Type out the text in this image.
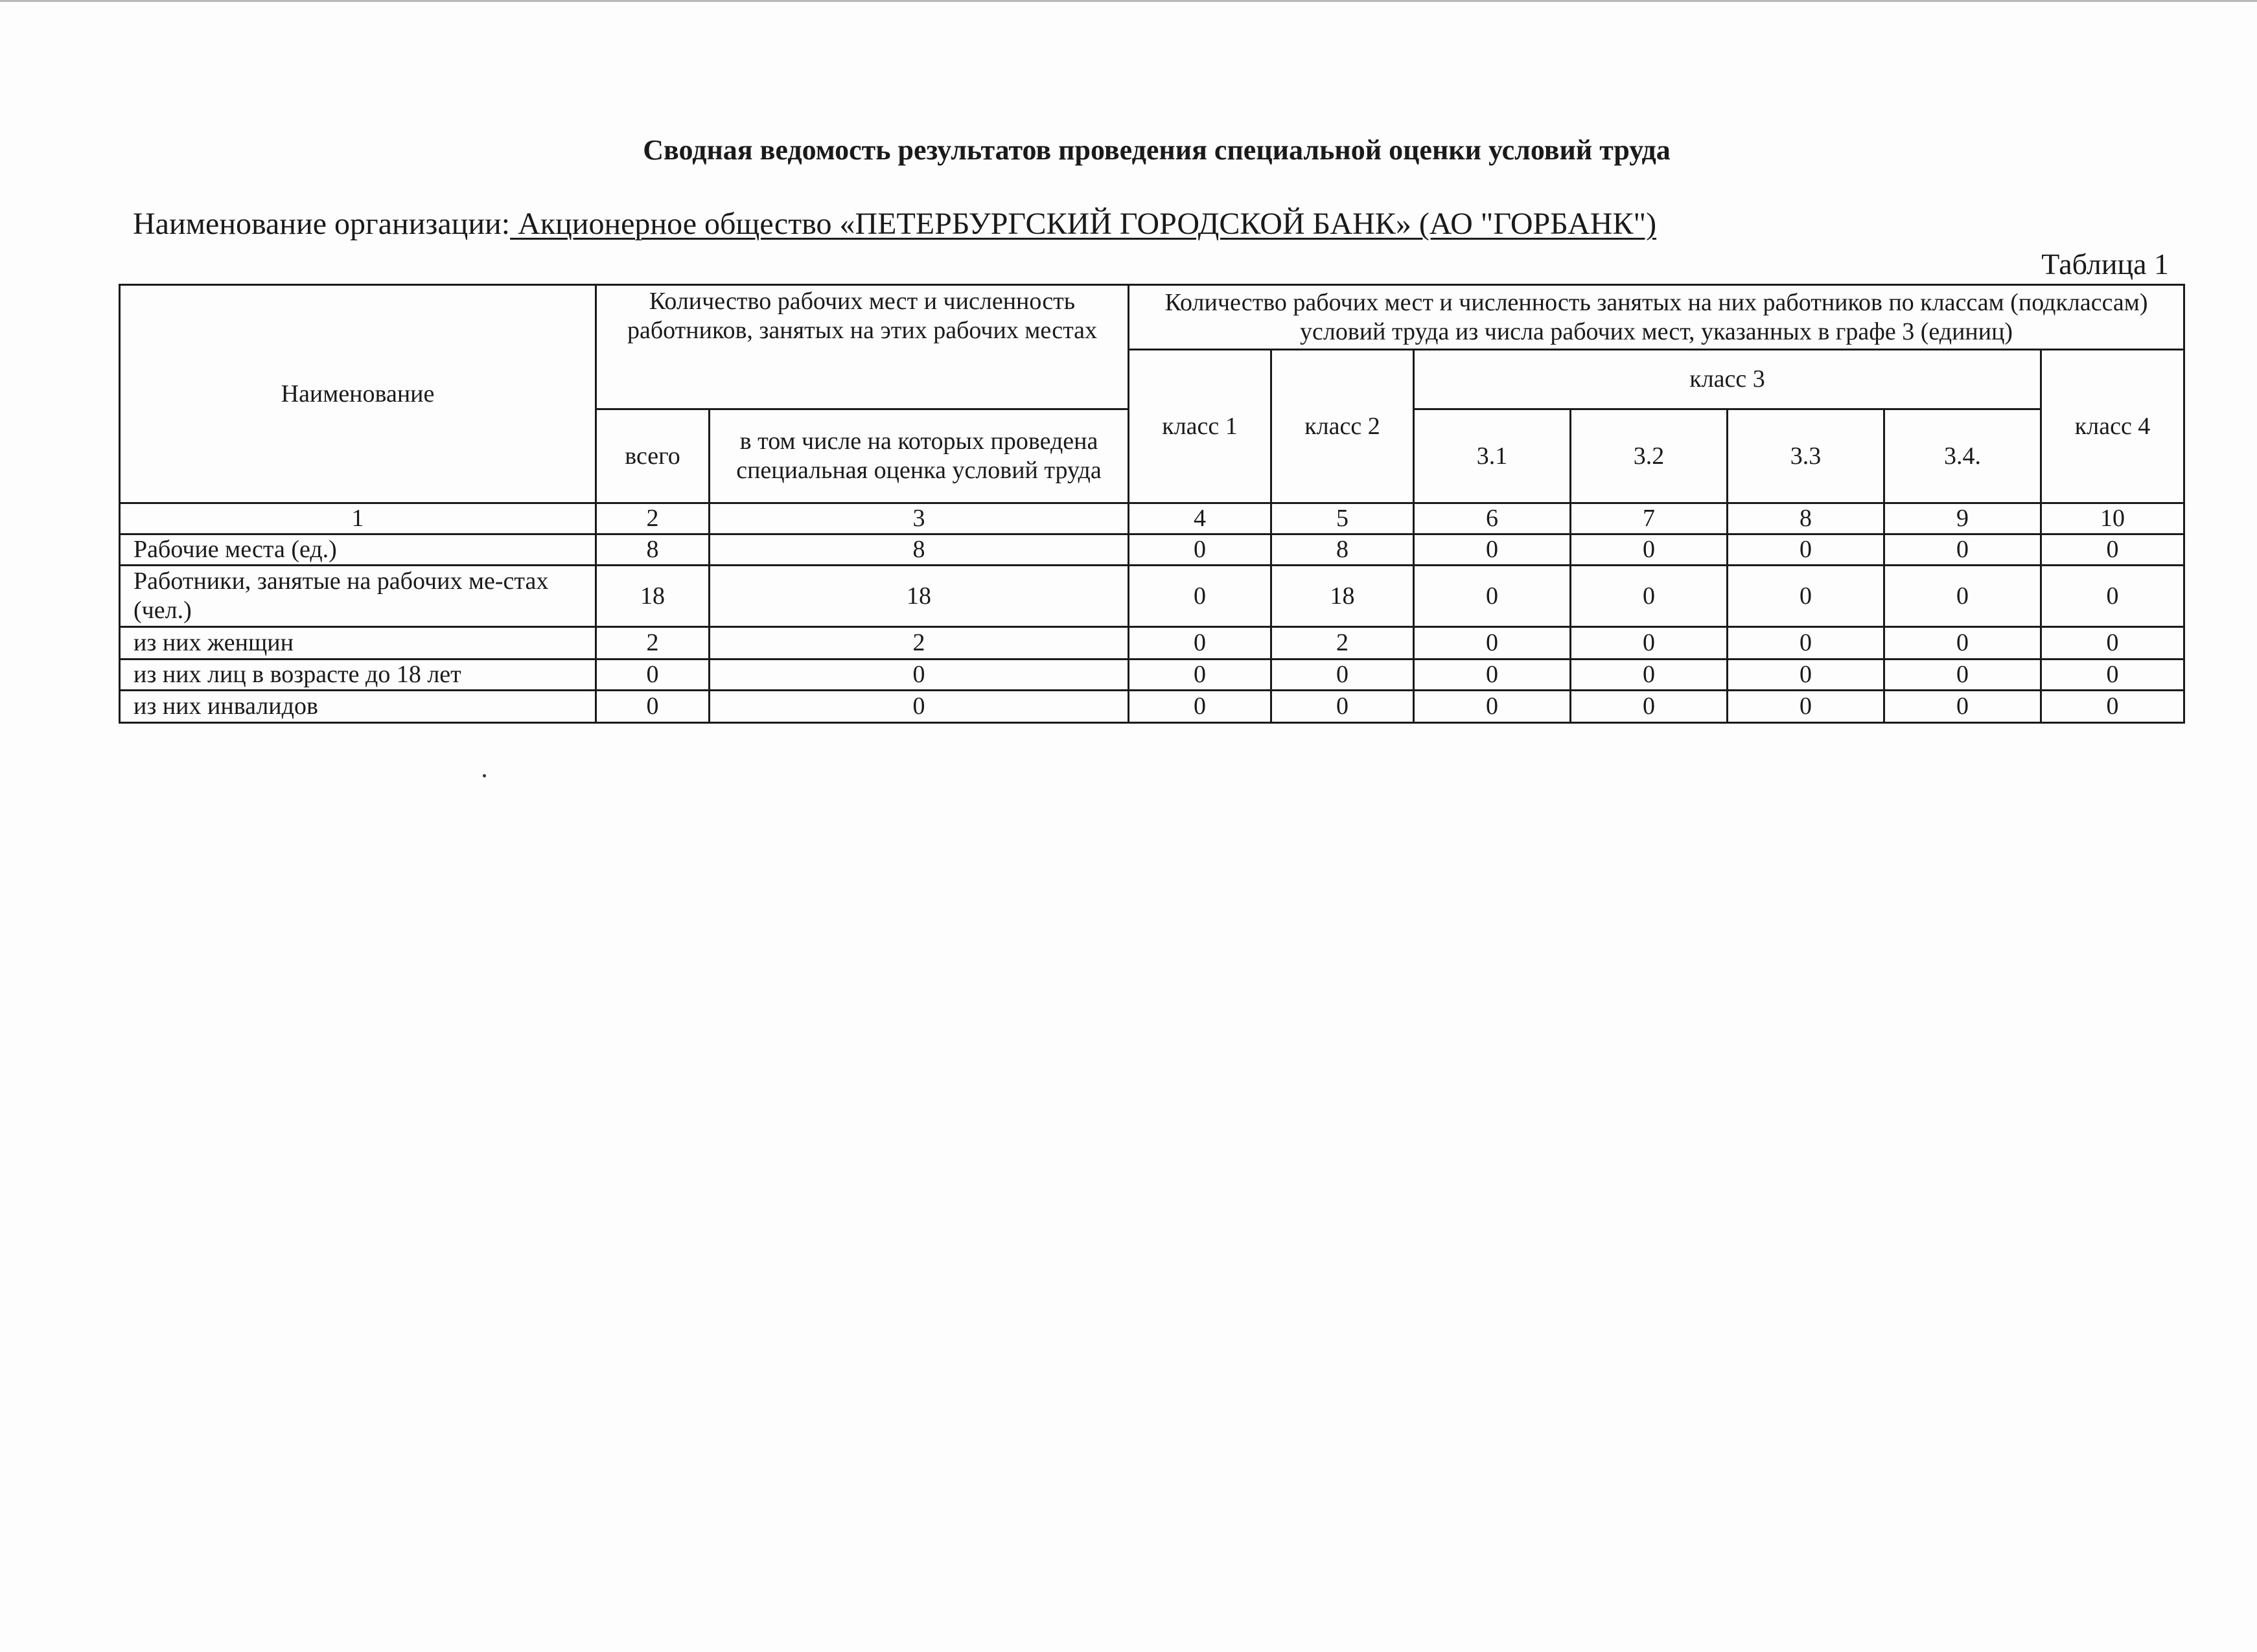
Сводная ведомость результатов проведения специальной оценки условий труда
Наименование организации: Акционерное общество «ПЕТЕРБУРГСКИЙ ГОРОДСКОЙ БАНК» (АО "ГОРБАНК")
Таблица 1
Наименование	Количество рабочих мест и численность работников, занятых на этих рабочих местах		Количество рабочих мест и численность занятых на них работников по классам (подклассам) условий труда из числа рабочих мест, указанных в графе 3 (единиц)						
			класс 1	класс 2	класс 3				класс 4
	всего	в том числе на которых проведена специальная оценка условий труда			3.1	3.2	3.3	3.4.	
1	2	3	4	5	6	7	8	9	10
Рабочие места (ед.)	8	8	0	8	0	0	0	0	0
Работники, занятые на рабочих ме-стах (чел.)	18	18	0	18	0	0	0	0	0
из них женщин	2	2	0	2	0	0	0	0	0
из них лиц в возрасте до 18 лет	0	0	0	0	0	0	0	0	0
из них инвалидов	0	0	0	0	0	0	0	0	0
